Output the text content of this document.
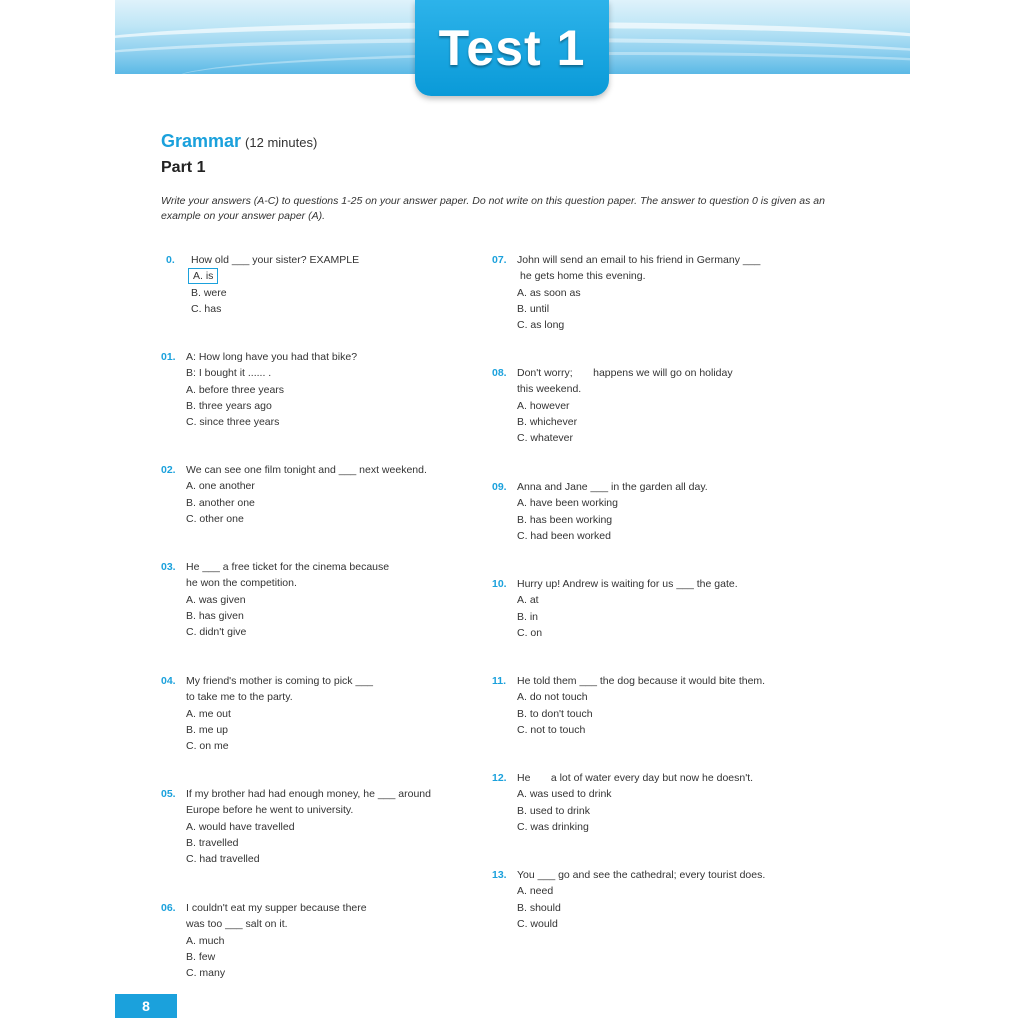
Test 1
Grammar (12 minutes)
Part 1
Write your answers (A-C) to questions 1-25 on your answer paper. Do not write on this question paper. The answer to question 0 is given as an example on your answer paper (A).
0. How old ___ your sister? EXAMPLE
A. is
B. were
C. has
01. A: How long have you had that bike?
B: I bought it ...... .
A. before three years
B. three years ago
C. since three years
02. We can see one film tonight and ___ next weekend.
A. one another
B. another one
C. other one
03. He ___ a free ticket for the cinema because
he won the competition.
A. was given
B. has given
C. didn't give
04. My friend's mother is coming to pick ___
to take me to the party.
A. me out
B. me up
C. on me
05. If my brother had had enough money, he ___ around
Europe before he went to university.
A. would have travelled
B. travelled
C. had travelled
06. I couldn't eat my supper because there
was too ___ salt on it.
A. much
B. few
C. many
07. John will send an email to his friend in Germany ___
he gets home this evening.
A. as soon as
B. until
C. as long
08. Don't worry;       happens we will go on holiday
this weekend.
A. however
B. whichever
C. whatever
09. Anna and Jane ___ in the garden all day.
A. have been working
B. has been working
C. had been worked
10. Hurry up! Andrew is waiting for us ___ the gate.
A. at
B. in
C. on
11. He told them ___ the dog because it would bite them.
A. do not touch
B. to don't touch
C. not to touch
12. He       a lot of water every day but now he doesn't.
A. was used to drink
B. used to drink
C. was drinking
13. You ___ go and see the cathedral; every tourist does.
A. need
B. should
C. would
8
